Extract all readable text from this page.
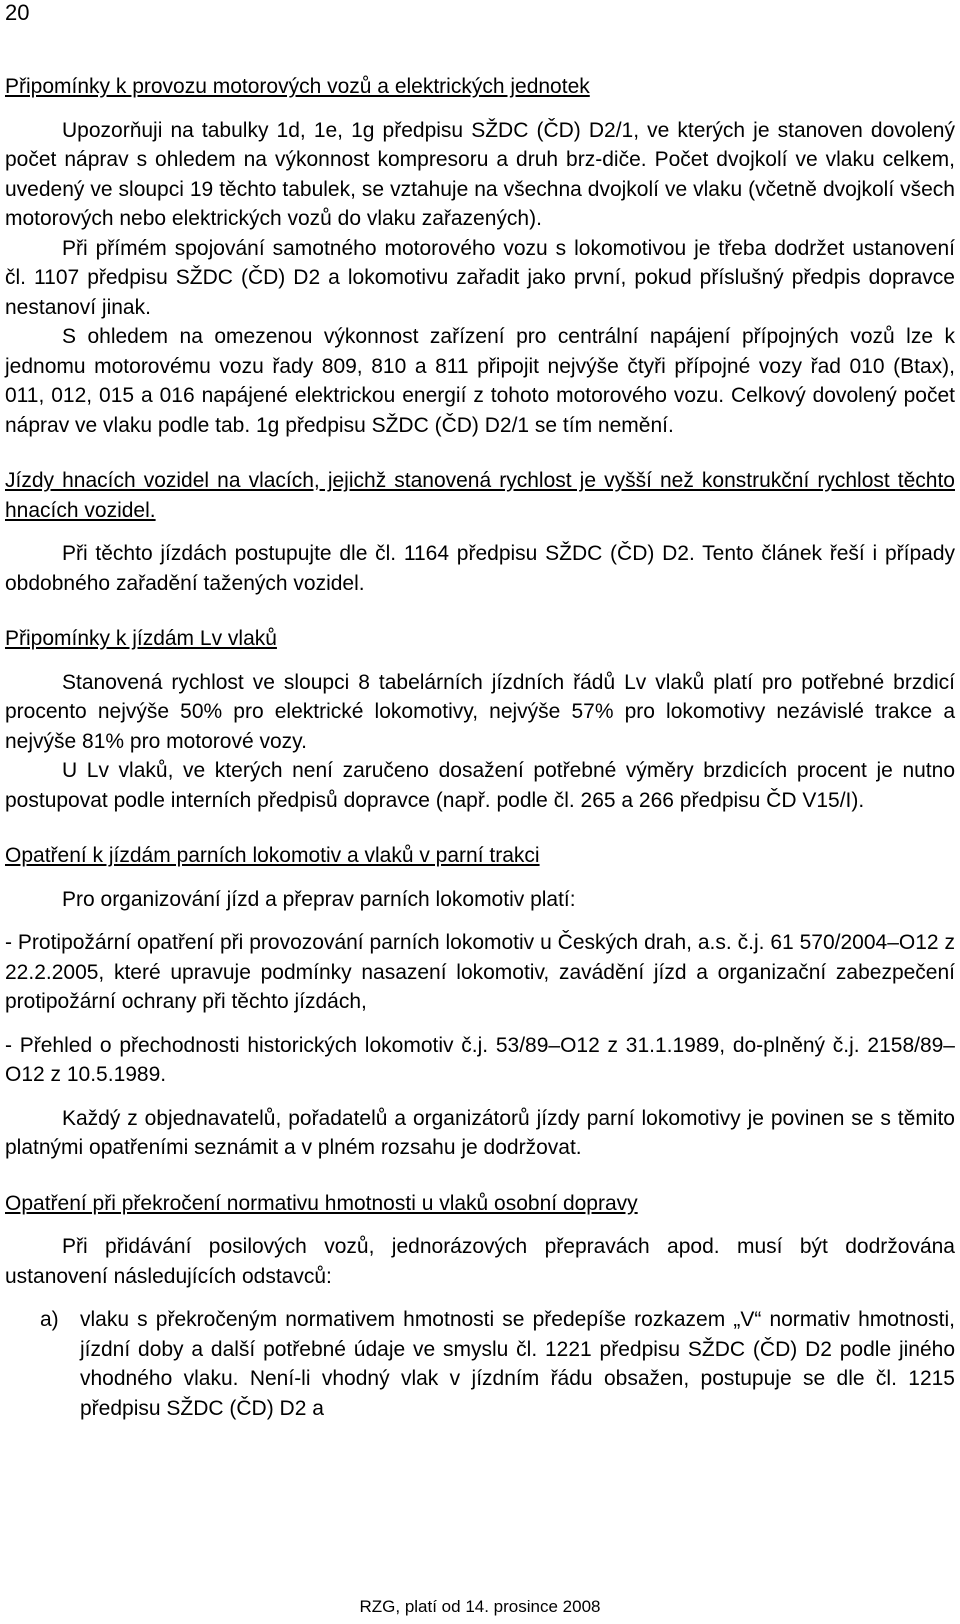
20

Připomínky k provozu motorových vozů a elektrických jednotek

Upozorňuji na tabulky 1d, 1e, 1g předpisu SŽDC (ČD) D2/1, ve kterých je stanoven dovolený počet náprav s ohledem na výkonnost kompresoru a druh brz-diče. Počet dvojkolí ve vlaku celkem, uvedený ve sloupci 19 těchto tabulek, se vztahuje na všechna dvojkolí ve vlaku (včetně dvojkolí všech motorových nebo elektrických vozů do vlaku zařazených).

Při přímém spojování samotného motorového vozu s lokomotivou je třeba dodržet ustanovení čl. 1107 předpisu SŽDC (ČD) D2 a lokomotivu zařadit jako první, pokud příslušný předpis dopravce nestanoví jinak.

S ohledem na omezenou výkonnost zařízení pro centrální napájení přípojných vozů lze k jednomu motorovému vozu řady 809, 810 a 811 připojit nejvýše čtyři přípojné vozy řad 010 (Btax), 011, 012, 015 a 016 napájené elektrickou energií z tohoto motorového vozu. Celkový dovolený počet náprav ve vlaku podle tab. 1g předpisu SŽDC (ČD) D2/1 se tím nemění.

Jízdy hnacích vozidel na vlacích, jejichž stanovená rychlost je vyšší než konstrukční rychlost těchto hnacích vozidel.

Při těchto jízdách postupujte dle čl. 1164 předpisu SŽDC (ČD) D2. Tento článek řeší i případy obdobného zařadění tažených vozidel.

Připomínky k jízdám Lv vlaků

Stanovená rychlost ve sloupci 8 tabelárních jízdních řádů Lv vlaků platí pro potřebné brzdicí procento nejvýše 50% pro elektrické lokomotivy, nejvýše 57% pro lokomotivy nezávislé trakce a nejvýše 81% pro motorové vozy.

U Lv vlaků, ve kterých není zaručeno dosažení potřebné výměry brzdicích procent je nutno postupovat podle interních předpisů dopravce (např. podle čl. 265 a 266 předpisu ČD V15/I).

Opatření k jízdám parních lokomotiv a vlaků v parní trakci

Pro organizování jízd a přeprav parních lokomotiv platí:

- Protipožární opatření při provozování parních lokomotiv u Českých drah, a.s. č.j. 61 570/2004–O12 z 22.2.2005, které upravuje podmínky nasazení lokomotiv, zavádění jízd a organizační zabezpečení protipožární ochrany při těchto jízdách,

- Přehled o přechodnosti historických lokomotiv č.j. 53/89–O12 z 31.1.1989, do-plněný č.j. 2158/89–O12 z 10.5.1989.

Každý z objednavatelů, pořadatelů a organizátorů jízdy parní lokomotivy je povinen se s těmito platnými opatřeními seznámit a v plném rozsahu je dodržovat.

Opatření při překročení normativu hmotnosti u vlaků osobní dopravy

Při přidávání posilových vozů, jednorázových přepravách apod. musí být dodržována ustanovení následujících odstavců:

a) vlaku s překročeným normativem hmotnosti se předepíše rozkazem „V“ normativ hmotnosti, jízdní doby a další potřebné údaje ve smyslu čl. 1221 předpisu SŽDC (ČD) D2 podle jiného vhodného vlaku. Není-li vhodný vlak v jízdním řádu obsažen, postupuje se dle čl. 1215 předpisu SŽDC (ČD) D2 a
RZG, platí od 14. prosince 2008
